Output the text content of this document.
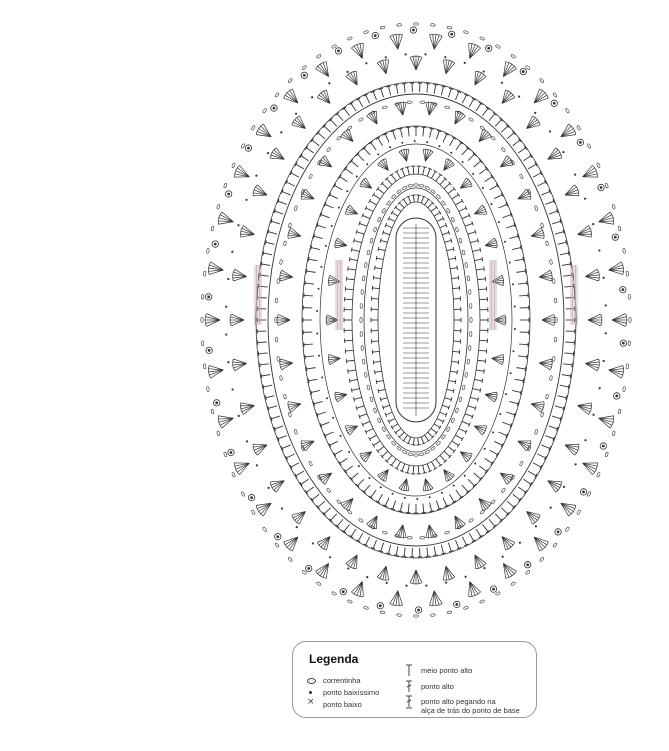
Legenda
correntinha
ponto baixíssimo
× ponto baixo
meio ponto alto
ponto alto
ponto alto pegando na
alça de trás do ponto de base
